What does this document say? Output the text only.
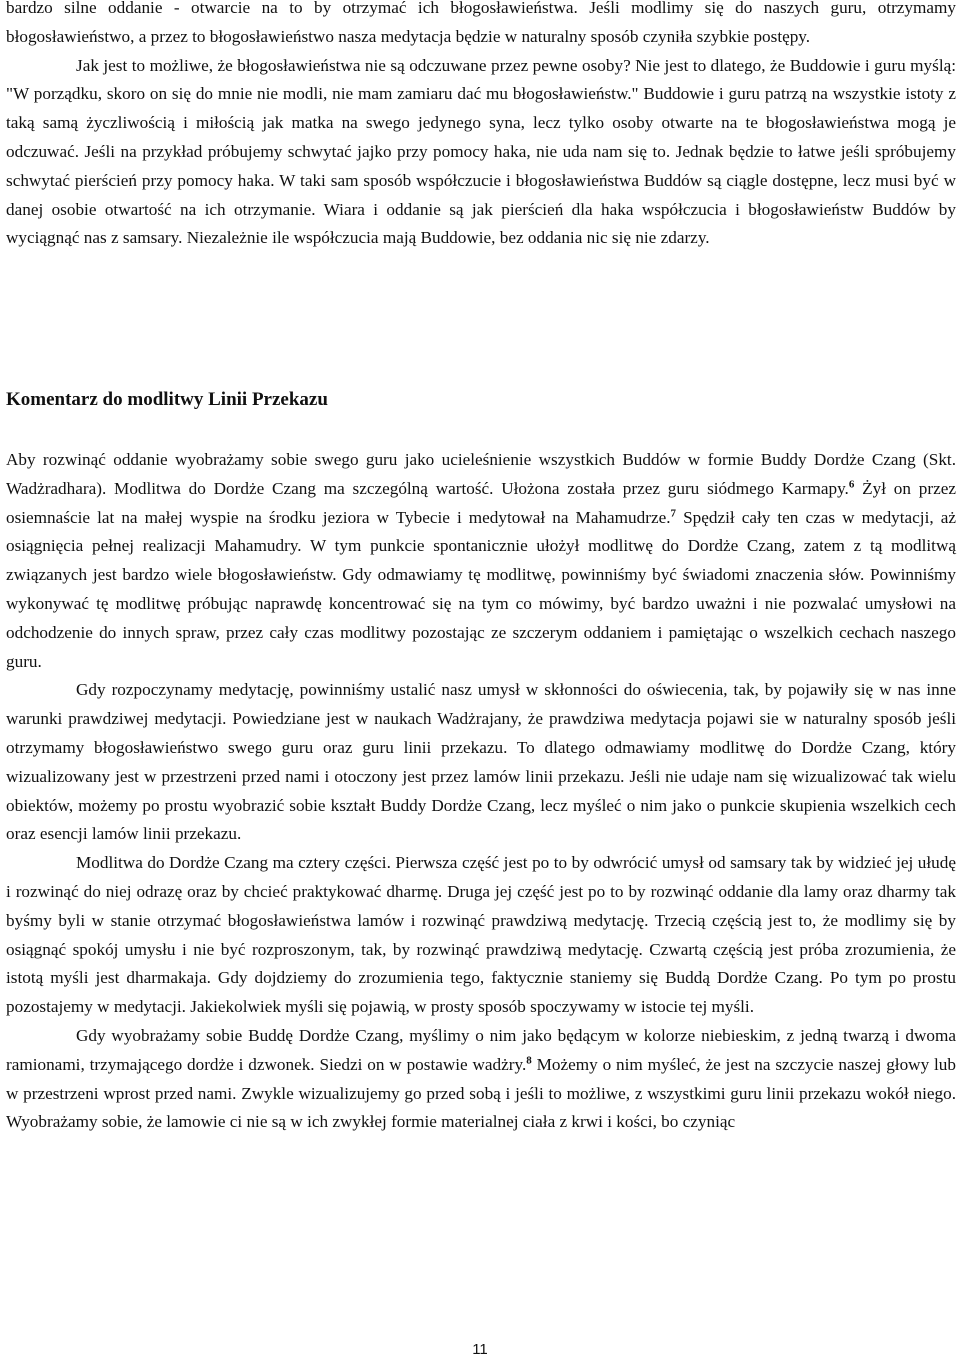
bardzo silne oddanie - otwarcie na to by otrzymać ich błogosławieństwa. Jeśli modlimy się do naszych guru, otrzymamy błogosławieństwo, a przez to błogosławieństwo nasza medytacja będzie w naturalny sposób czyniła szybkie postępy.
Jak jest to możliwe, że błogosławieństwa nie są odczuwane przez pewne osoby? Nie jest to dlatego, że Buddowie i guru myślą: "W porządku, skoro on się do mnie nie modli, nie mam zamiaru dać mu błogosławieństw." Buddowie i guru patrzą na wszystkie istoty z taką samą życzliwością i miłością jak matka na swego jedynego syna, lecz tylko osoby otwarte na te błogosławieństwa mogą je odczuwać. Jeśli na przykład próbujemy schwytać jajko przy pomocy haka, nie uda nam się to. Jednak będzie to łatwe jeśli spróbujemy schwytać pierścień przy pomocy haka. W taki sam sposób współczucie i błogosławieństwa Buddów są ciągle dostępne, lecz musi być w danej osobie otwartość na ich otrzymanie. Wiara i oddanie są jak pierścień dla haka współczucia i błogosławieństw Buddów by wyciągnąć nas z samsary. Niezależnie ile współczucia mają Buddowie, bez oddania nic się nie zdarzy.
Komentarz do modlitwy Linii Przekazu
Aby rozwinąć oddanie wyobrażamy sobie swego guru jako ucieleśnienie wszystkich Buddów w formie Buddy Dordże Czang (Skt. Wadżradhara). Modlitwa do Dordże Czang ma szczególną wartość. Ułożona została przez guru siódmego Karmapy.$^6$ Żył on przez osiemnaście lat na małej wyspie na środku jeziora w Tybecie i medytował na Mahamudrze.$^7$ Spędził cały ten czas w medytacji, aż osiągnięcia pełnej realizacji Mahamudry. W tym punkcie spontanicznie ułożył modlitwę do Dordże Czang, zatem z tą modlitwą związanych jest bardzo wiele błogosławieństw. Gdy odmawiamy tę modlitwę, powinniśmy być świadomi znaczenia słów. Powinniśmy wykonywać tę modlitwę próbując naprawdę koncentrować się na tym co mówimy, być bardzo uważni i nie pozwalać umysłowi na odchodzenie do innych spraw, przez cały czas modlitwy pozostając ze szczerym oddaniem i pamiętając o wszelkich cechach naszego guru.
Gdy rozpoczynamy medytację, powinniśmy ustalić nasz umysł w skłonności do oświecenia, tak, by pojawiły się w nas inne warunki prawdziwej medytacji. Powiedziane jest w naukach Wadżrajany, że prawdziwa medytacja pojawi sie w naturalny sposób jeśli otrzymamy błogosławieństwo swego guru oraz guru linii przekazu. To dlatego odmawiamy modlitwę do Dordże Czang, który wizualizowany jest w przestrzeni przed nami i otoczony jest przez lamów linii przekazu. Jeśli nie udaje nam się wizualizować tak wielu obiektów, możemy po prostu wyobrazić sobie kształt Buddy Dordże Czang, lecz myśleć o nim jako o punkcie skupienia wszelkich cech oraz esencji lamów linii przekazu.
Modlitwa do Dordże Czang ma cztery części. Pierwsza część jest po to by odwrócić umysł od samsary tak by widzieć jej ułudę i rozwinąć do niej odrazę oraz by chcieć praktykować dharmę. Druga jej część jest po to by rozwinąć oddanie dla lamy oraz dharmy tak byśmy byli w stanie otrzymać błogosławieństwa lamów i rozwinąć prawdziwą medytację. Trzecią częścią jest to, że modlimy się by osiągnąć spokój umysłu i nie być rozproszonym, tak, by rozwinąć prawdziwą medytację. Czwartą częścią jest próba zrozumienia, że istotą myśli jest dharmakaja. Gdy dojdziemy do zrozumienia tego, faktycznie staniemy się Buddą Dordże Czang. Po tym po prostu pozostajemy w medytacji. Jakiekolwiek myśli się pojawią, w prosty sposób spoczywamy w istocie tej myśli.
Gdy wyobrażamy sobie Buddę Dordże Czang, myślimy o nim jako będącym w kolorze niebieskim, z jedną twarzą i dwoma ramionami, trzymającego dordże i dzwonek. Siedzi on w postawie wadżry.$^8$ Możemy o nim myśleć, że jest na szczycie naszej głowy lub w przestrzeni wprost przed nami. Zwykle wizualizujemy go przed sobą i jeśli to możliwe, z wszystkimi guru linii przekazu wokół niego. Wyobrażamy sobie, że lamowie ci nie są w ich zwykłej formie materialnej ciała z krwi i kości, bo czyniąc
11
